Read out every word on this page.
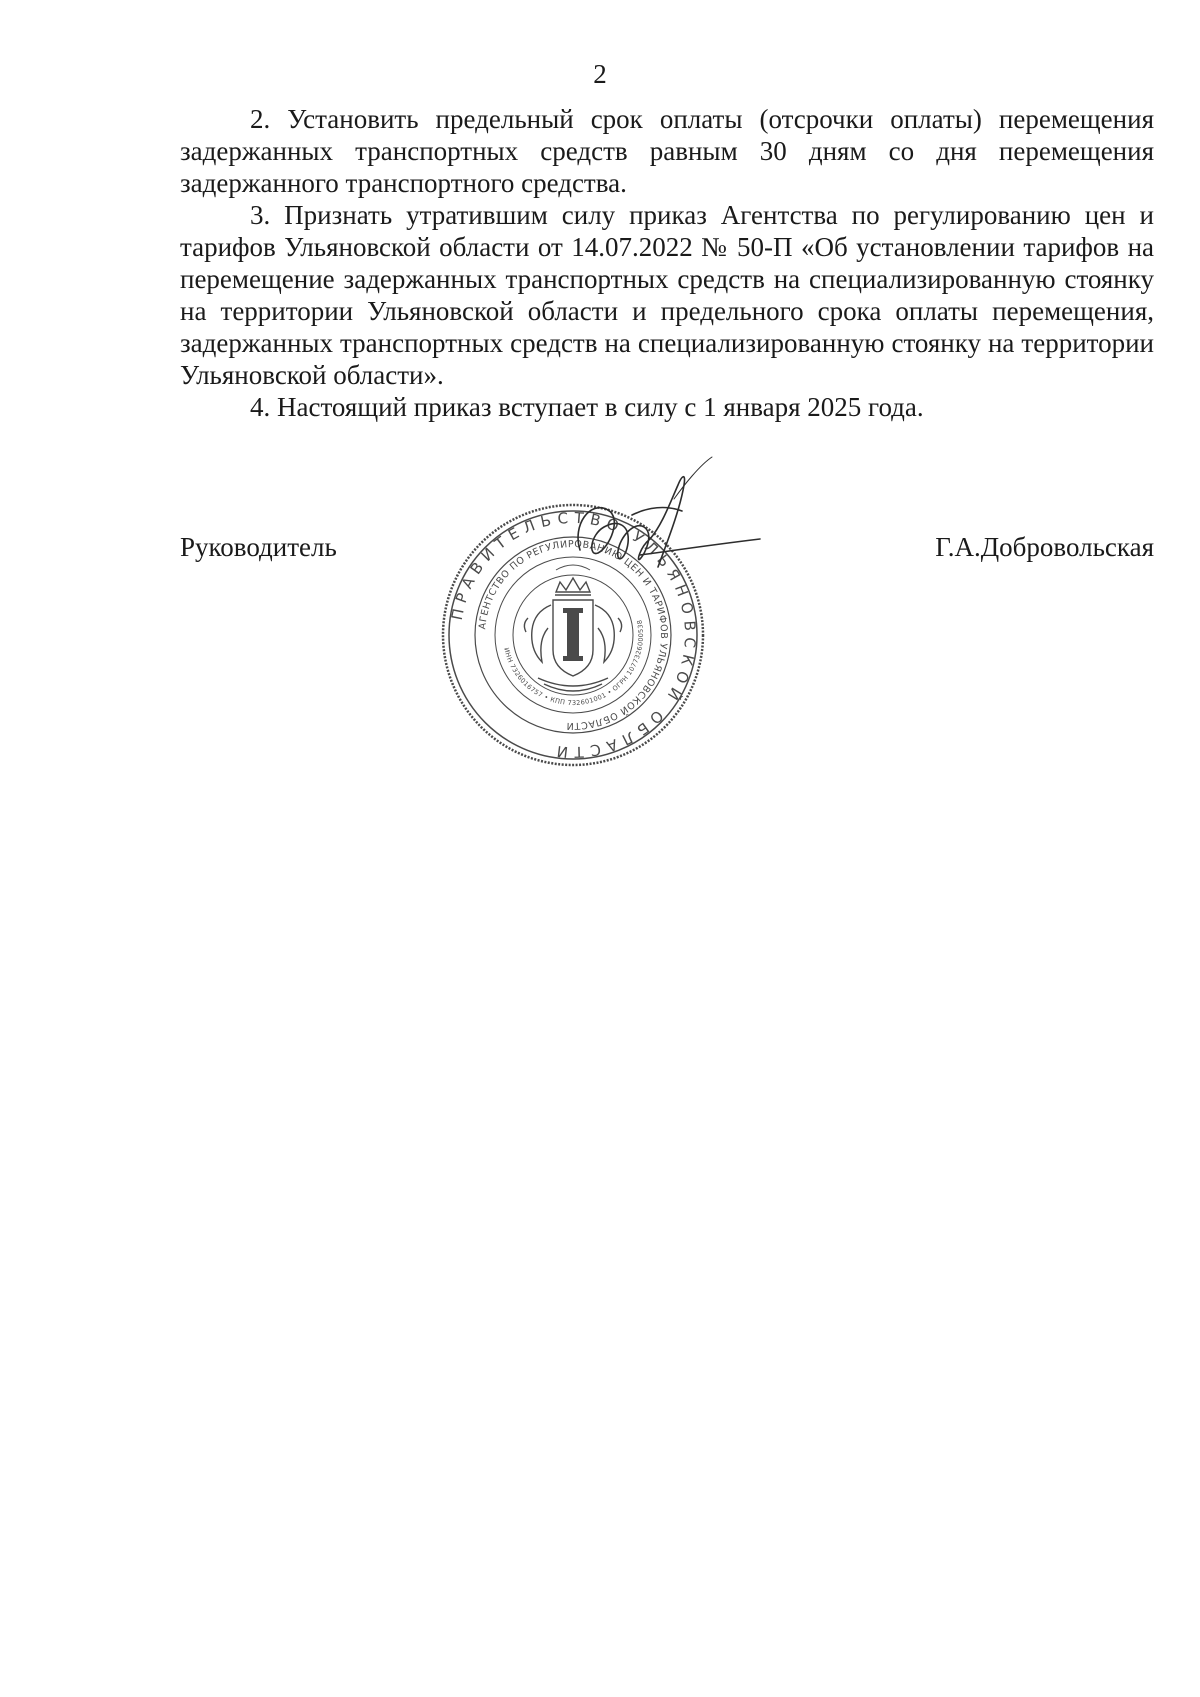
2

2. Установить предельный срок оплаты (отсрочки оплаты) перемещения задержанных транспортных средств равным 30 дням со дня перемещения задержанного транспортного средства.

3. Признать утратившим силу приказ Агентства по регулированию цен и тарифов Ульяновской области от 14.07.2022 № 50-П «Об установлении тарифов на перемещение задержанных транспортных средств на специализированную стоянку на территории Ульяновской области и предельного срока оплаты перемещения, задержанных транспортных средств на специализированную стоянку на территории Ульяновской области».

4. Настоящий приказ вступает в силу с 1 января 2025 года.

Руководитель	Г.А.Добровольская
ПРАВИТЕЛЬСТВО УЛЬЯНОВСКОЙ ОБЛАСТИ
АГЕНТСТВО ПО РЕГУЛИРОВАНИЮ ЦЕН И ТАРИФОВ УЛЬЯНОВСКОЙ ОБЛАСТИ
ИНН 7326016757 • КПП 732601001 • ОГРН 1077326000538
